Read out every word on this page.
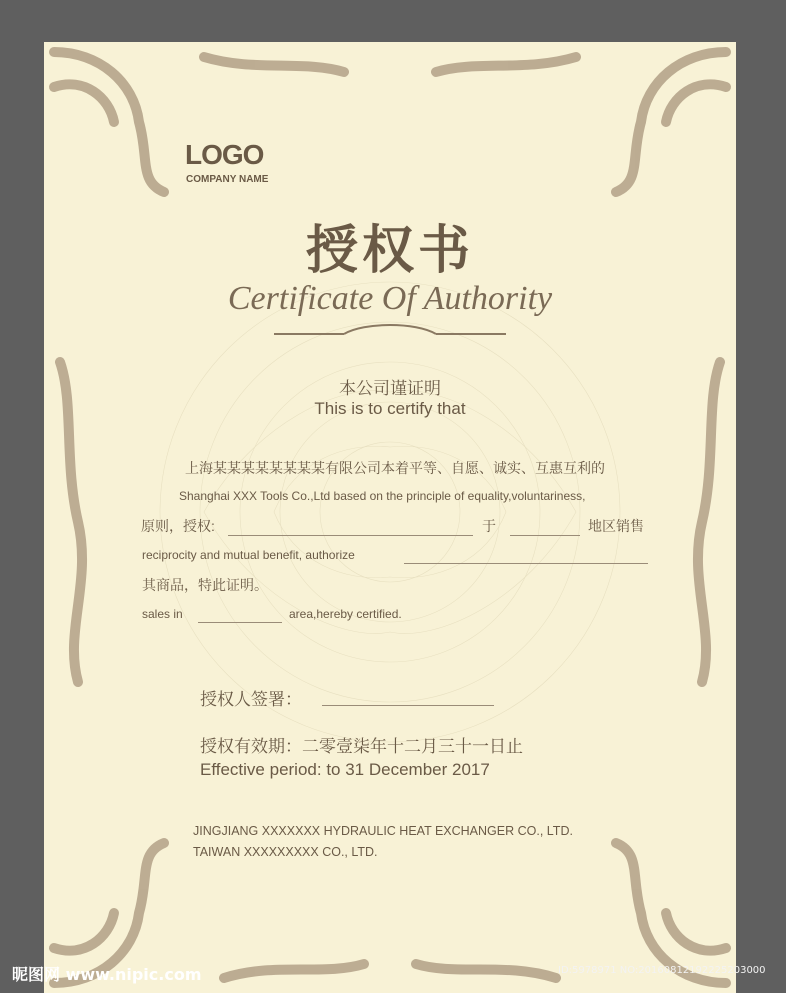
LOGO
COMPANY NAME
授权书
Certificate Of Authority
本公司谨证明
This is to certify that
上海某某某某某某某某有限公司本着平等、自愿、诚实、互惠互利的
Shanghai XXX Tools Co.,Ltd based on the principle of equality,voluntariness,
原则，授权:	于	地区销售
reciprocity and mutual benefit, authorize
其商品，特此证明。
sales in	area,hereby certified.
授权人签署：
授权有效期：二零壹柒年十二月三十一日止
Effective period: to 31 December 2017
JINGJIANG XXXXXXX HYDRAULIC HEAT EXCHANGER CO., LTD.
TAIWAN XXXXXXXXX CO., LTD.
昵图网 www.nipic.com	ID:5978971 NO:20160812192225203000
